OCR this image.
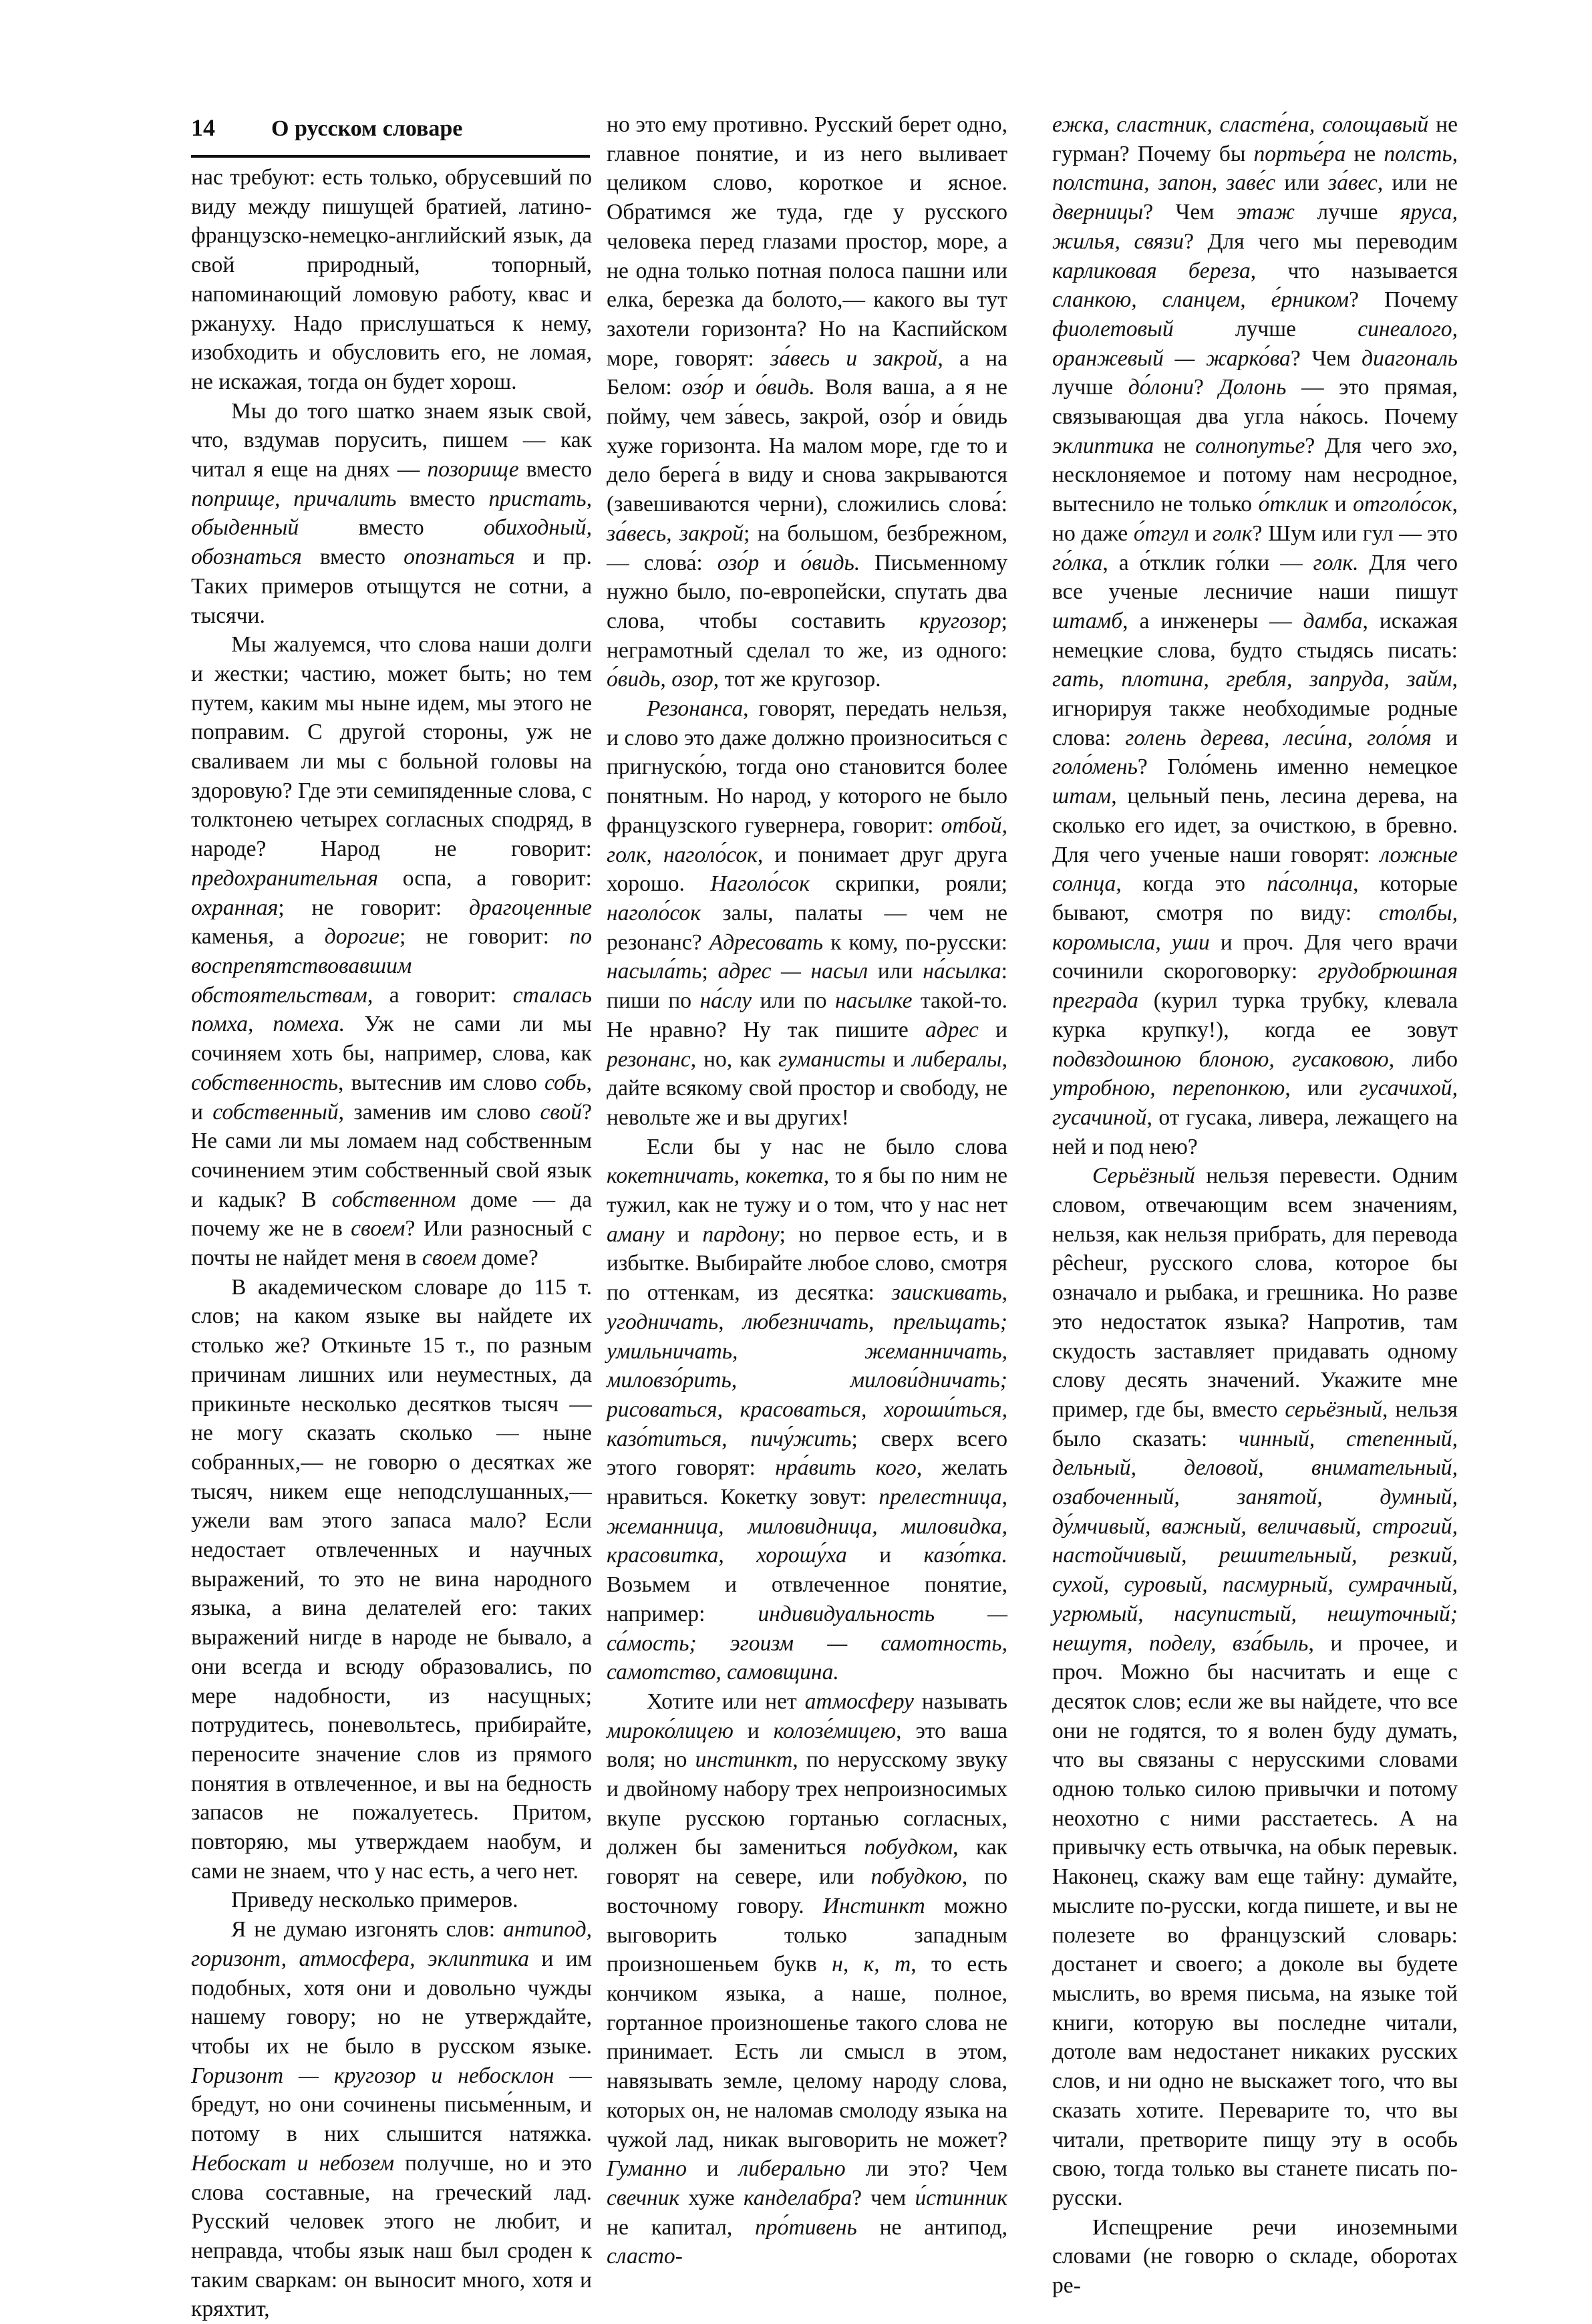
14 О русском словаре

нас требуют: есть только, обрусевший по виду между пишущей братией, латино-французско-немецко-английский язык, да свой природный, топорный, напоминающий ломовую работу, квас и ржануху. Надо прислушаться к нему, изобходить и обусловить его, не ломая, не искажая, тогда он будет хорош.

Мы до того шатко знаем язык свой, что, вздумав порусить, пишем — как читал я еще на днях — позорище вместо поприще, причалить вместо пристать, обыденный вместо обиходный, обознаться вместо опознаться и пр. Таких примеров отыщутся не сотни, а тысячи.

Мы жалуемся, что слова наши долги и жестки; частию, может быть; но тем путем, каким мы ныне идем, мы этого не поправим. С другой стороны, уж не сваливаем ли мы с больной головы на здоровую? Где эти семипяденные слова, с толктонею четырех согласных сподряд, в народе? Народ не говорит: предохранительная оспа, а говорит: охранная; не говорит: драгоценные каменья, а дорогие; не говорит: по воспрепятствовавшим обстоятельствам, а говорит: сталась помха, помеха. Уж не сами ли мы сочиняем хоть бы, например, слова, как собственность, вытеснив им слово собь, и собственный, заменив им слово свой? Не сами ли мы ломаем над собственным сочинением этим собственный свой язык и кадык? В собственном доме — да почему же не в своем? Или разносный с почты не найдет меня в своем доме?

В академическом словаре до 115 т. слов; на каком языке вы найдете их столько же? Откиньте 15 т., по разным причинам лишних или неуместных, да прикиньте несколько десятков тысяч — не могу сказать сколько — ныне собранных,— не говорю о десятках же тысяч, никем еще неподслушанных,— ужели вам этого запаса мало? Если недостает отвлеченных и научных выражений, то это не вина народного языка, а вина делателей его: таких выражений нигде в народе не бывало, а они всегда и всюду образовались, по мере надобности, из насущных; потрудитесь, поневольтесь, прибирайте, переносите значение слов из прямого понятия в отвлеченное, и вы на бедность запасов не пожалуетесь. Притом, повторяю, мы утверждаем наобум, и сами не знаем, что у нас есть, а чего нет.

Приведу несколько примеров.

Я не думаю изгонять слов: антипод, горизонт, атмосфера, эклиптика и им подобных, хотя они и довольно чужды нашему говору; но не утверждайте, чтобы их не было в русском языке. Горизонт — кругозор и небосклон — бредут, но они сочинены письме́нным, и потому в них слышится натяжка. Небоскат и небозем получше, но и это слова составные, на греческий лад. Русский человек этого не любит, и неправда, чтобы язык наш был сроден к таким сваркам: он выносит много, хотя и кряхтит,

но это ему противно. Русский берет одно, главное понятие, и из него выливает целиком слово, короткое и ясное. Обратимся же туда, где у русского человека перед глазами простор, море, а не одна только потная полоса пашни или елка, березка да болото,— какого вы тут захотели горизонта? Но на Каспийском море, говорят: за́весь и закрой, а на Белом: озо́р и о́видь. Воля ваша, а я не пойму, чем за́весь, закрой, озо́р и о́видь хуже горизонта. На малом море, где то и дело берега́ в виду и снова закрываются (завешиваются черни), сложились слова́: за́весь, закрой; на большом, безбрежном,— слова́: озо́р и о́видь. Письменному нужно было, по-европейски, спутать два слова, чтобы составить кругозор; неграмотный сделал то же, из одного: о́видь, озор, тот же кругозор.

Резонанса, говорят, передать нельзя, и слово это даже должно произноситься с пригнуско́ю, тогда оно становится более понятным. Но народ, у которого не было французского гувернера, говорит: отбой, голк, наголо́сок, и понимает друг друга хорошо. Наголо́сок скрипки, рояли; наголо́сок залы, палаты — чем не резонанс? Адресовать к кому, по-русски: насыла́ть; адрес — насыл или на́сылка: пиши по на́слу или по насылке такой-то. Не нравно? Ну так пишите адрес и резонанс, но, как гуманисты и либералы, дайте всякому свой простор и свободу, не невольте же и вы других!

Если бы у нас не было слова кокетничать, кокетка, то я бы по ним не тужил, как не тужу и о том, что у нас нет аману и пардону; но первое есть, и в избытке. Выбирайте любое слово, смотря по оттенкам, из десятка: заискивать, угодничать, любезничать, прельщать; умильничать, жеманничать, миловзо́рить, милови́дничать; рисоваться, красоваться, хороши́ться, казо́титься, пичу́жить; сверх всего этого говорят: нра́вить кого, желать нравиться. Кокетку зовут: прелестница, жеманница, миловидница, миловидка, красовитка, хорошу́ха и казо́тка. Возьмем и отвлеченное понятие, например: индивидуальность — са́мость; эгоизм — самотность, самотство, самовщина.

Хотите или нет атмосферу называть мироко́лицею и колозе́мицею, это ваша воля; но инстинкт, по нерусскому звуку и двойному набору трех непроизносимых вкупе русскою гортанью согласных, должен бы замениться побудком, как говорят на севере, или побудкою, по восточному говору. Инстинкт можно выговорить только западным произношеньем букв н, к, т, то есть кончиком языка, а наше, полное, гортанное произношенье такого слова не принимает. Есть ли смысл в этом, навязывать земле, целому народу слова, которых он, не наломав смолоду языка на чужой лад, никак выговорить не может? Гуманно и либерально ли это? Чем свечник хуже канделабра? чем и́стинник не капитал, про́тивень не антипод, сласто-

ежка, сластник, сласте́на, солощавый не гурман? Почему бы портье́ра не полсть, полстина, запон, заве́с или за́вес, или не дверницы? Чем этаж лучше яруса, жилья, связи? Для чего мы переводим карликовая береза, что называется сланкою, сланцем, е́рником? Почему фиолетовый лучше синеалого, оранжевый — жарко́ва? Чем диагональ лучше до́лони? Долонь — это прямая, связывающая два угла на́кось. Почему эклиптика не солнопутье? Для чего эхо, несклоняемое и потому нам несродное, вытеснило не только о́тклик и отголо́сок, но даже о́тгул и голк? Шум или гул — это го́лка, а о́тклик го́лки — голк. Для чего все ученые лесничие наши пишут штамб, а инженеры — дамба, искажая немецкие слова, будто стыдясь писать: гать, плотина, гребля, запруда, займ, игнорируя также необходимые родные слова: голень дерева, леси́на, голо́мя и голо́мень? Голо́мень именно немецкое штам, цельный пень, лесина дерева, на сколько его идет, за очисткою, в бревно. Для чего ученые наши говорят: ложные солнца, когда это па́солнца, которые бывают, смотря по виду: столбы, коромысла, уши и проч. Для чего врачи сочинили скороговорку: грудобрюшная преграда (курил турка трубку, клевала курка крупку!), когда ее зовут подвздошною блоною, гусаковою, либо утробною, перепонкою, или гусачихой, гусачиной, от гусака, ливера, лежащего на ней и под нею?

Серьёзный нельзя перевести. Одним словом, отвечающим всем значениям, нельзя, как нельзя прибрать, для перевода pêcheur, русского слова, которое бы означало и рыбака, и грешника. Но разве это недостаток языка? Напротив, там скудость заставляет придавать одному слову десять значений. Укажите мне пример, где бы, вместо серьёзный, нельзя было сказать: чинный, степенный, дельный, деловой, внимательный, озабоченный, занятой, думный, ду́мчивый, важный, величавый, строгий, настойчивый, решительный, резкий, сухой, суровый, пасмурный, сумрачный, угрюмый, насупистый, нешуточный; нешутя, поделу, вза́быль, и прочее, и проч. Можно бы насчитать и еще с десяток слов; если же вы найдете, что все они не годятся, то я волен буду думать, что вы связаны с нерусскими словами одною только силою привычки и потому неохотно с ними расстаетесь. А на привычку есть отвычка, на обык перевык. Наконец, скажу вам еще тайну: думайте, мыслите по-русски, когда пишете, и вы не полезете во французский словарь: достанет и своего; а доколе вы будете мыслить, во время письма, на языке той книги, которую вы последне читали, дотоле вам недостанет никаких русских слов, и ни одно не выскажет того, что вы сказать хотите. Переварите то, что вы читали, претворите пищу эту в особь свою, тогда только вы станете писать по-русски.

Испещрение речи иноземными словами (не говорю о складе, оборотах ре-
